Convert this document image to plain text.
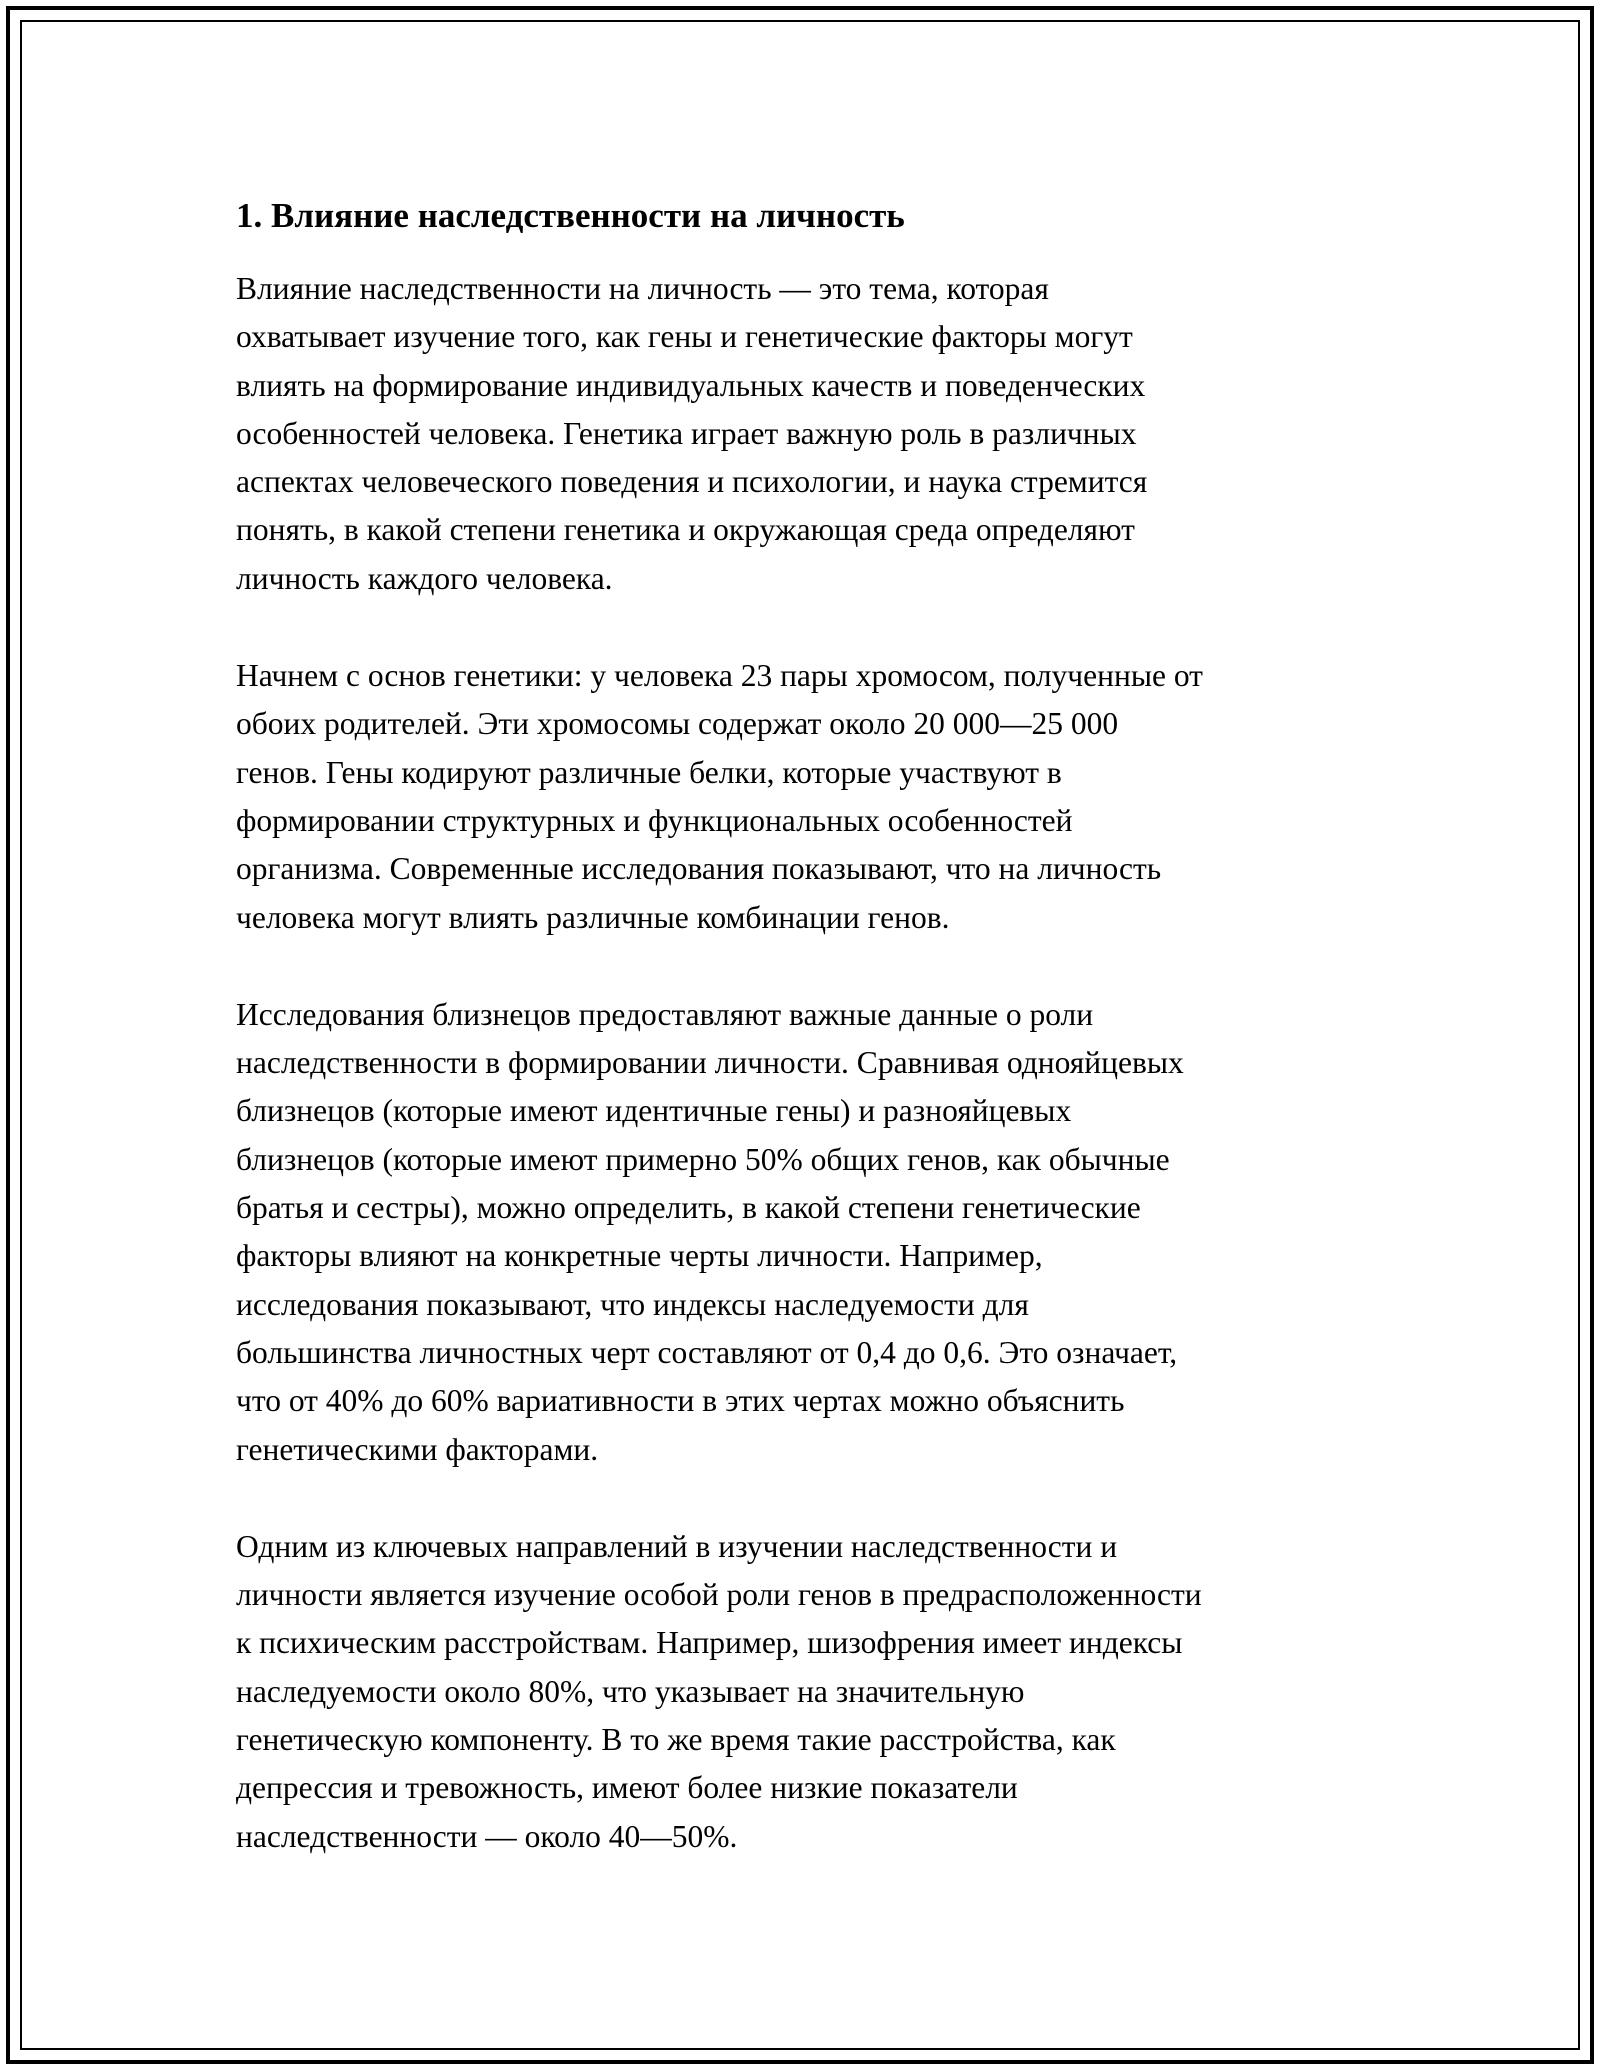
1. Влияние наследственности на личность

Влияние наследственности на личность — это тема, которая
охватывает изучение того, как гены и генетические факторы могут
влиять на формирование индивидуальных качеств и поведенческих
особенностей человека. Генетика играет важную роль в различных
аспектах человеческого поведения и психологии, и наука стремится
понять, в какой степени генетика и окружающая среда определяют
личность каждого человека.

Начнем с основ генетики: у человека 23 пары хромосом, полученные от
обоих родителей. Эти хромосомы содержат около 20 000—25 000
генов. Гены кодируют различные белки, которые участвуют в
формировании структурных и функциональных особенностей
организма. Современные исследования показывают, что на личность
человека могут влиять различные комбинации генов.

Исследования близнецов предоставляют важные данные о роли
наследственности в формировании личности. Сравнивая однояйцевых
близнецов (которые имеют идентичные гены) и разнояйцевых
близнецов (которые имеют примерно 50% общих генов, как обычные
братья и сестры), можно определить, в какой степени генетические
факторы влияют на конкретные черты личности. Например,
исследования показывают, что индексы наследуемости для
большинства личностных черт составляют от 0,4 до 0,6. Это означает,
что от 40% до 60% вариативности в этих чертах можно объяснить
генетическими факторами.

Одним из ключевых направлений в изучении наследственности и
личности является изучение особой роли генов в предрасположенности
к психическим расстройствам. Например, шизофрения имеет индексы
наследуемости около 80%, что указывает на значительную
генетическую компоненту. В то же время такие расстройства, как
депрессия и тревожность, имеют более низкие показатели
наследственности — около 40—50%.
